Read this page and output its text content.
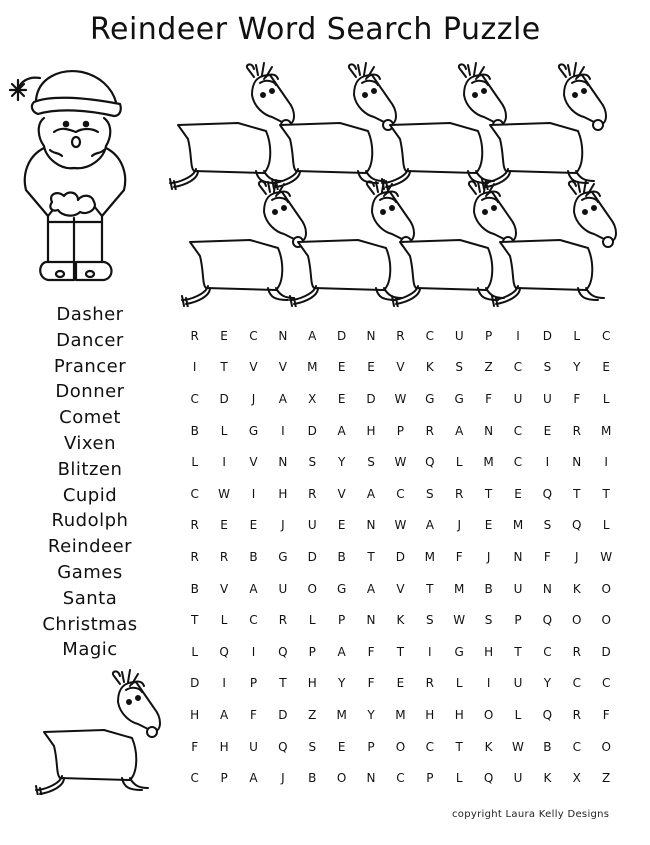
Reindeer Word Search Puzzle
Dasher
Dancer
Prancer
Donner
Comet
Vixen
Blitzen
Cupid
Rudolph
Reindeer
Games
Santa
Christmas
Magic
R	E	C	N	A	D	N	R	C	U	P	I	D	L	C
I	T	V	V	M	E	E	V	K	S	Z	C	S	Y	E
C	D	J	A	X	E	D	W	G	G	F	U	U	F	L
B	L	G	I	D	A	H	P	R	A	N	C	E	R	M
L	I	V	N	S	Y	S	W	Q	L	M	C	I	N	I
C	W	I	H	R	V	A	C	S	R	T	E	Q	T	T
R	E	E	J	U	E	N	W	A	J	E	M	S	Q	L
R	R	B	G	D	B	T	D	M	F	J	N	F	J	W
B	V	A	U	O	G	A	V	T	M	B	U	N	K	O
T	L	C	R	L	P	N	K	S	W	S	P	Q	O	O
L	Q	I	Q	P	A	F	T	I	G	H	T	C	R	D
D	I	P	T	H	Y	F	E	R	L	I	U	Y	C	C
H	A	F	D	Z	M	Y	M	H	H	O	L	Q	R	F
F	H	U	Q	S	E	P	O	C	T	K	W	B	C	O
C	P	A	J	B	O	N	C	P	L	Q	U	K	X	Z
copyright Laura Kelly Designs
